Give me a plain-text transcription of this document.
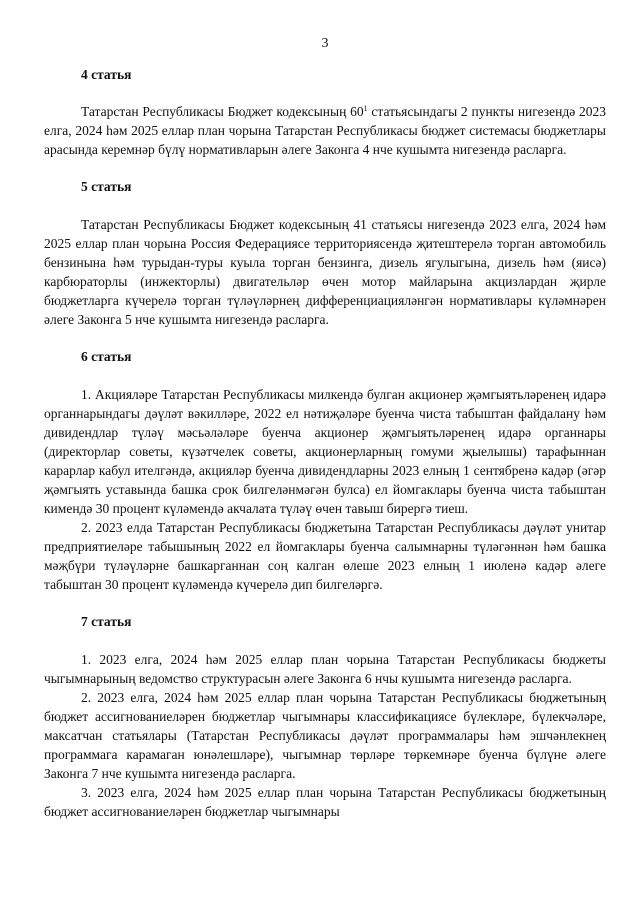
3
4 статья

Татарстан Республикасы Бюджет кодексының $60^1$ статьясындагы 2 пункты нигезендә 2023 елга, 2024 һәм 2025 еллар план чорына Татарстан Республикасы бюджет системасы бюджетлары арасында керемнәр бүлү нормативларын әлеге Законга 4 нче кушымта нигезендә расларга.

5 статья

Татарстан Республикасы Бюджет кодексының 41 статьясы нигезендә 2023 елга, 2024 һәм 2025 еллар план чорына Россия Федерациясе территориясендә җитештерелә торган автомобиль бензинына һәм турыдан-туры куыла торган бензинга, дизель ягулыгына, дизель һәм (яисә) карбюраторлы (инжекторлы) двигательләр өчен мотор майларына акцизлардан җирле бюджетларга күчерелә торган түләүләрнең дифференциацияләнгән нормативлары күләмнәрен әлеге Законга 5 нче кушымта нигезендә расларга.

6 статья

1. Акцияләре Татарстан Республикасы милкендә булган акционер җәмгыятьләренең идарә органнарындагы дәүләт вәкилләре, 2022 ел нәтиҗәләре буенча чиста табыштан файдалану һәм дивидендлар түләү мәсьәләләре буенча акционер җәмгыятьләренең идарә органнары (директорлар советы, күзәтчелек советы, акционерларның гомуми җыелышы) тарафыннан карарлар кабул ителгәндә, акцияләр буенча дивидендларны 2023 елның 1 сентябренә кадәр (әгәр җәмгыять уставында башка срок билгеләнмәгән булса) ел йомгаклары буенча чиста табыштан кимендә 30 процент күләмендә акчалата түләү өчен тавыш бирергә тиеш.

2. 2023 елда Татарстан Республикасы бюджетына Татарстан Республикасы дәүләт унитар предприятиеләре табышының 2022 ел йомгаклары буенча салымнарны түләгәннән һәм башка мәҗбүри түләүләрне башкарганнан соң калган өлеше 2023 елның 1 июленә кадәр әлеге табыштан 30 процент күләмендә күчерелә дип билгеләргә.

7 статья

1. 2023 елга, 2024 һәм 2025 еллар план чорына Татарстан Республикасы бюджеты чыгымнарының ведомство структурасын әлеге Законга 6 нчы кушымта нигезендә расларга.

2. 2023 елга, 2024 һәм 2025 еллар план чорына Татарстан Республикасы бюджетының бюджет ассигнованиеләрен бюджетлар чыгымнары классификациясе бүлекләре, бүлекчәләре, максатчан статьялары (Татарстан Республикасы дәүләт программалары һәм эшчәнлекнең программага карамаган юнәлешләре), чыгымнар төрләре төркемнәре буенча бүлүне әлеге Законга 7 нче кушымта нигезендә расларга.

3. 2023 елга, 2024 һәм 2025 еллар план чорына Татарстан Республикасы бюджетының бюджет ассигнованиеләрен бюджетлар чыгымнары
